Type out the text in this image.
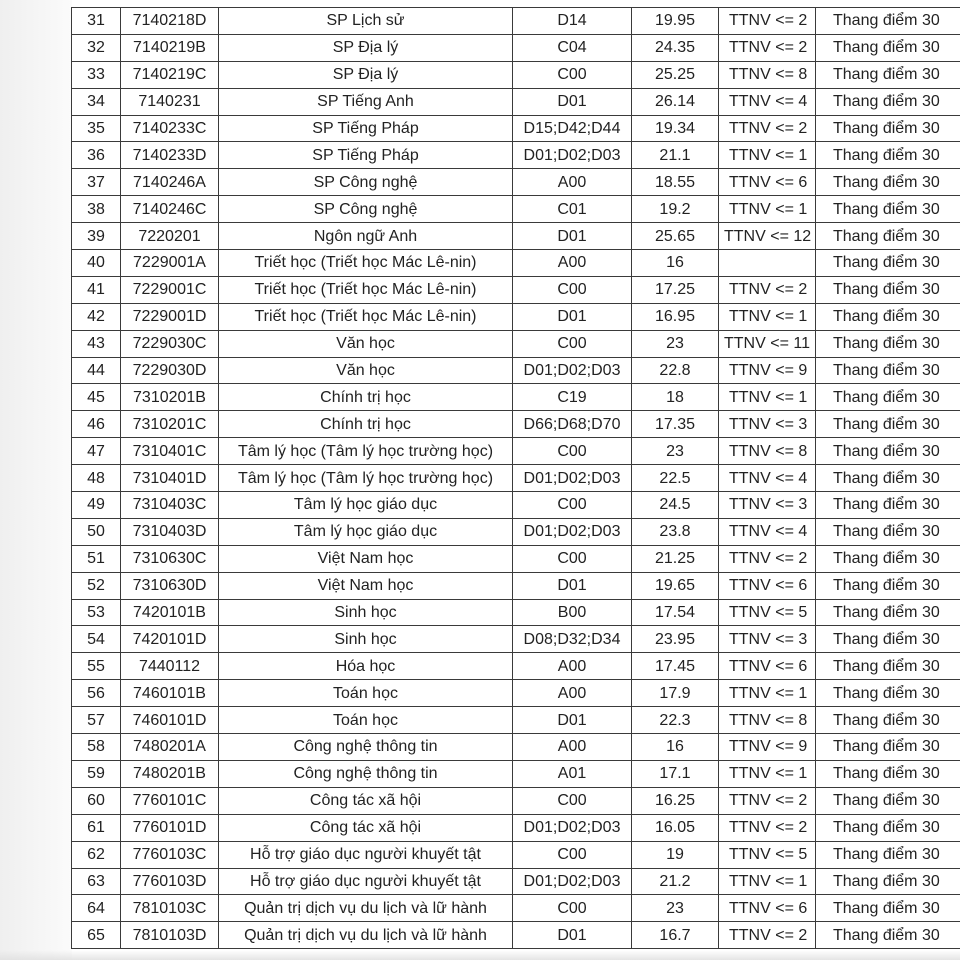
31	7140218D	SP Lịch sử	D14	19.95	TTNV <= 2	Thang điểm 30
32	7140219B	SP Địa lý	C04	24.35	TTNV <= 2	Thang điểm 30
33	7140219C	SP Địa lý	C00	25.25	TTNV <= 8	Thang điểm 30
34	7140231	SP Tiếng Anh	D01	26.14	TTNV <= 4	Thang điểm 30
35	7140233C	SP Tiếng Pháp	D15;D42;D44	19.34	TTNV <= 2	Thang điểm 30
36	7140233D	SP Tiếng Pháp	D01;D02;D03	21.1	TTNV <= 1	Thang điểm 30
37	7140246A	SP Công nghệ	A00	18.55	TTNV <= 6	Thang điểm 30
38	7140246C	SP Công nghệ	C01	19.2	TTNV <= 1	Thang điểm 30
39	7220201	Ngôn ngữ Anh	D01	25.65	TTNV <= 12	Thang điểm 30
40	7229001A	Triết học (Triết học Mác Lê-nin)	A00	16		Thang điểm 30
41	7229001C	Triết học (Triết học Mác Lê-nin)	C00	17.25	TTNV <= 2	Thang điểm 30
42	7229001D	Triết học (Triết học Mác Lê-nin)	D01	16.95	TTNV <= 1	Thang điểm 30
43	7229030C	Văn học	C00	23	TTNV <= 11	Thang điểm 30
44	7229030D	Văn học	D01;D02;D03	22.8	TTNV <= 9	Thang điểm 30
45	7310201B	Chính trị học	C19	18	TTNV <= 1	Thang điểm 30
46	7310201C	Chính trị học	D66;D68;D70	17.35	TTNV <= 3	Thang điểm 30
47	7310401C	Tâm lý học (Tâm lý học trường học)	C00	23	TTNV <= 8	Thang điểm 30
48	7310401D	Tâm lý học (Tâm lý học trường học)	D01;D02;D03	22.5	TTNV <= 4	Thang điểm 30
49	7310403C	Tâm lý học giáo dục	C00	24.5	TTNV <= 3	Thang điểm 30
50	7310403D	Tâm lý học giáo dục	D01;D02;D03	23.8	TTNV <= 4	Thang điểm 30
51	7310630C	Việt Nam học	C00	21.25	TTNV <= 2	Thang điểm 30
52	7310630D	Việt Nam học	D01	19.65	TTNV <= 6	Thang điểm 30
53	7420101B	Sinh học	B00	17.54	TTNV <= 5	Thang điểm 30
54	7420101D	Sinh học	D08;D32;D34	23.95	TTNV <= 3	Thang điểm 30
55	7440112	Hóa học	A00	17.45	TTNV <= 6	Thang điểm 30
56	7460101B	Toán học	A00	17.9	TTNV <= 1	Thang điểm 30
57	7460101D	Toán học	D01	22.3	TTNV <= 8	Thang điểm 30
58	7480201A	Công nghệ thông tin	A00	16	TTNV <= 9	Thang điểm 30
59	7480201B	Công nghệ thông tin	A01	17.1	TTNV <= 1	Thang điểm 30
60	7760101C	Công tác xã hội	C00	16.25	TTNV <= 2	Thang điểm 30
61	7760101D	Công tác xã hội	D01;D02;D03	16.05	TTNV <= 2	Thang điểm 30
62	7760103C	Hỗ trợ giáo dục người khuyết tật	C00	19	TTNV <= 5	Thang điểm 30
63	7760103D	Hỗ trợ giáo dục người khuyết tật	D01;D02;D03	21.2	TTNV <= 1	Thang điểm 30
64	7810103C	Quản trị dịch vụ du lịch và lữ hành	C00	23	TTNV <= 6	Thang điểm 30
65	7810103D	Quản trị dịch vụ du lịch và lữ hành	D01	16.7	TTNV <= 2	Thang điểm 30
